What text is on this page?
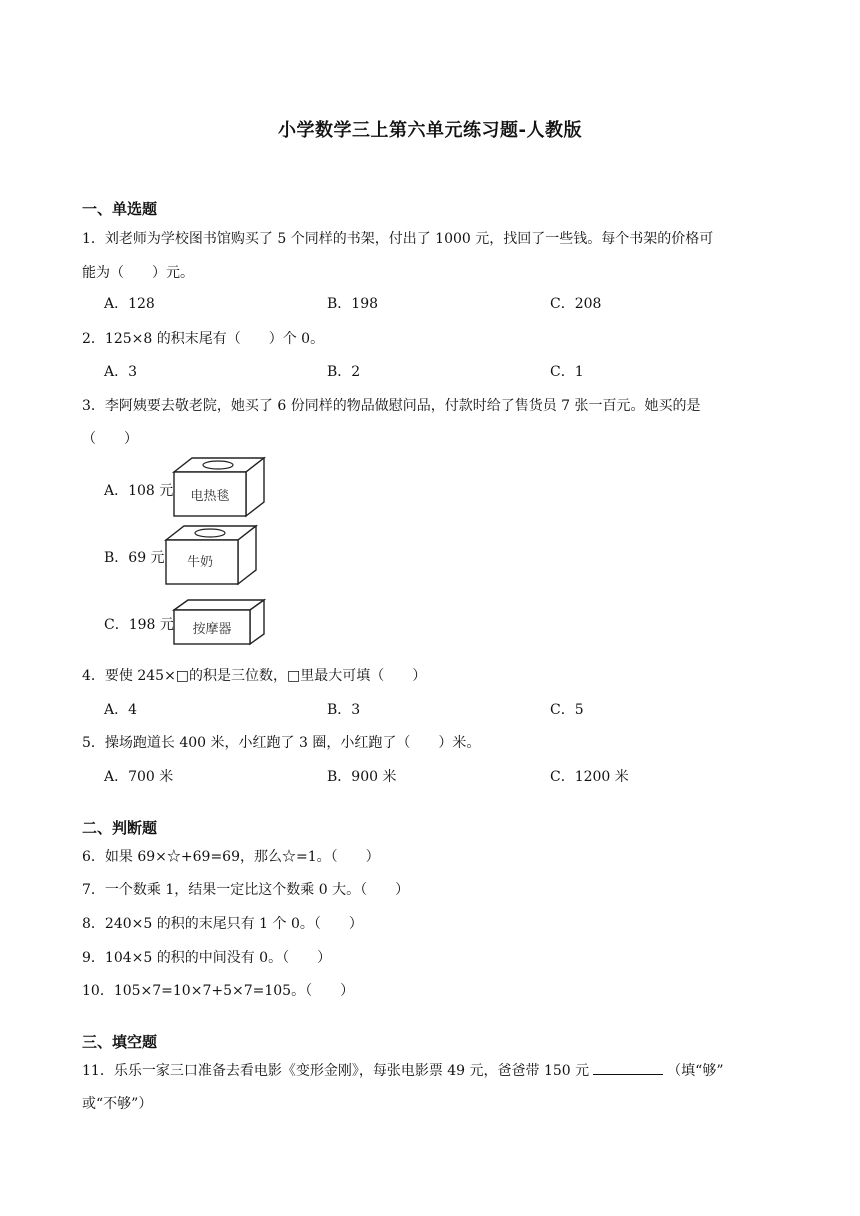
小学数学三上第六单元练习题-人教版
一、单选题
1．刘老师为学校图书馆购买了 5 个同样的书架，付出了 1000 元，找回了一些钱。每个书架的价格可
能为（　　）元。
A．128	B．198	C．208
2．125×8 的积末尾有（　　）个 0。
A．3	B．2	C．1
3．李阿姨要去敬老院，她买了 6 份同样的物品做慰问品，付款时给了售货员 7 张一百元。她买的是
（　　）
A．108 元 电热毯
B．69 元 牛奶
C．198 元 按摩器
4．要使 245×□的积是三位数，□里最大可填（　　）
A．4	B．3	C．5
5．操场跑道长 400 米，小红跑了 3 圈，小红跑了（　　）米。
A．700 米	B．900 米	C．1200 米
二、判断题
6．如果 69×☆+69=69，那么☆=1。（　　）
7．一个数乘 1，结果一定比这个数乘 0 大。（　　）
8．240×5 的积的末尾只有 1 个 0。（　　）
9．104×5 的积的中间没有 0。（　　）
10．105×7=10×7+5×7=105。（　　）
三、填空题
11．乐乐一家三口准备去看电影《变形金刚》，每张电影票 49 元，爸爸带 150 元	（填“够”
或“不够”）
